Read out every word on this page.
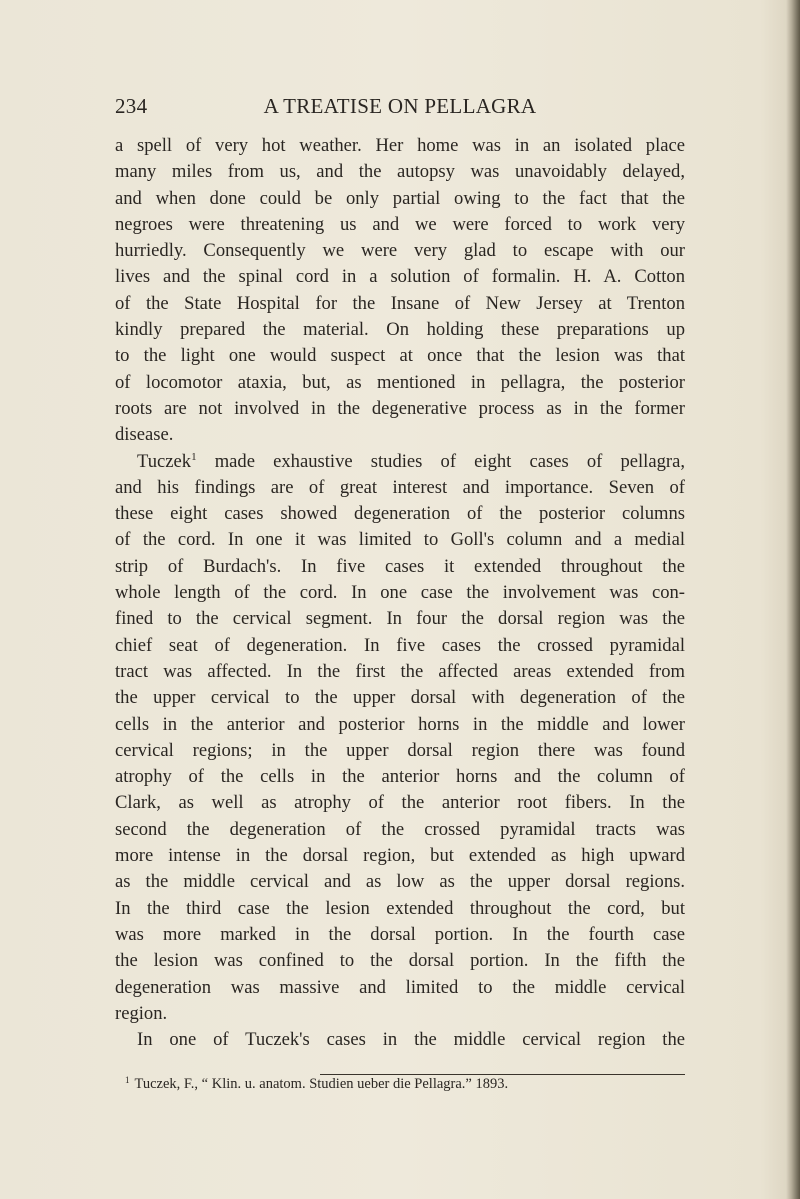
234	A TREATISE ON PELLAGRA
a spell of very hot weather. Her home was in an isolated place
many miles from us, and the autopsy was unavoidably delayed,
and when done could be only partial owing to the fact that the
negroes were threatening us and we were forced to work very
hurriedly. Consequently we were very glad to escape with our
lives and the spinal cord in a solution of formalin. H. A. Cotton
of the State Hospital for the Insane of New Jersey at Trenton
kindly prepared the material. On holding these preparations up
to the light one would suspect at once that the lesion was that
of locomotor ataxia, but, as mentioned in pellagra, the posterior
roots are not involved in the degenerative process as in the former
disease.
Tuczek$^1$ made exhaustive studies of eight cases of pellagra,
and his findings are of great interest and importance. Seven of
these eight cases showed degeneration of the posterior columns
of the cord. In one it was limited to Goll's column and a medial
strip of Burdach's. In five cases it extended throughout the
whole length of the cord. In one case the involvement was con-
fined to the cervical segment. In four the dorsal region was the
chief seat of degeneration. In five cases the crossed pyramidal
tract was affected. In the first the affected areas extended from
the upper cervical to the upper dorsal with degeneration of the
cells in the anterior and posterior horns in the middle and lower
cervical regions; in the upper dorsal region there was found
atrophy of the cells in the anterior horns and the column of
Clark, as well as atrophy of the anterior root fibers. In the
second the degeneration of the crossed pyramidal tracts was
more intense in the dorsal region, but extended as high upward
as the middle cervical and as low as the upper dorsal regions.
In the third case the lesion extended throughout the cord, but
was more marked in the dorsal portion. In the fourth case
the lesion was confined to the dorsal portion. In the fifth the
degeneration was massive and limited to the middle cervical
region.
In one of Tuczek's cases in the middle cervical region the
$^1$ Tuczek, F., “ Klin. u. anatom. Studien ueber die Pellagra.” 1893.
